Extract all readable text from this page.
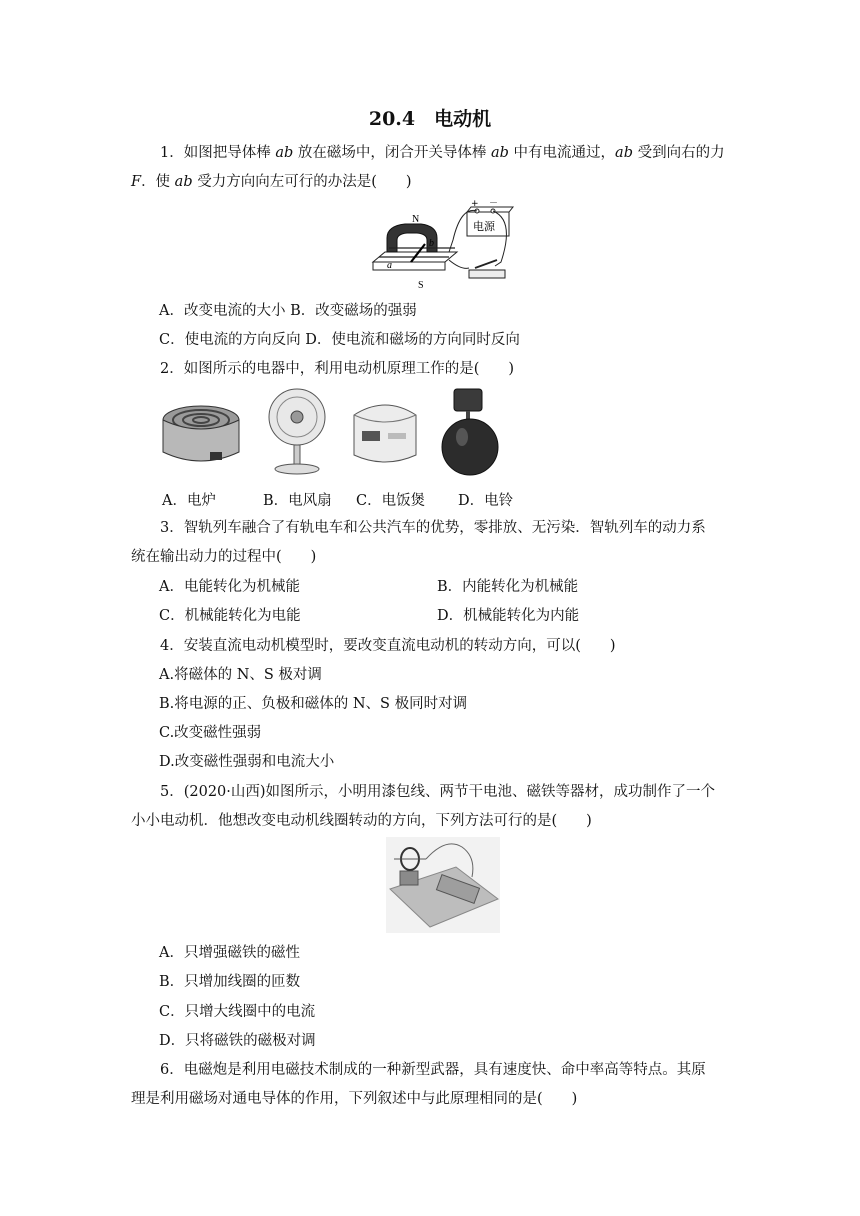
20.4　电动机
1．如图把导体棒 ab 放在磁场中，闭合开关导体棒 ab 中有电流通过，ab 受到向右的力
F．使 ab 受力方向向左可行的办法是(　　)
a
b
N
S
电源
+ －
A．改变电流的大小 B．改变磁场的强弱
C．使电流的方向反向 D．使电流和磁场的方向同时反向
2．如图所示的电器中，利用电动机原理工作的是(　　)
A．电炉	B．电风扇 C．电饭煲 D．电铃
3．智轨列车融合了有轨电车和公共汽车的优势，零排放、无污染．智轨列车的动力系
统在输出动力的过程中(　　)
A．电能转化为机械能	B．内能转化为机械能
C．机械能转化为电能	D．机械能转化为内能
4．安装直流电动机模型时，要改变直流电动机的转动方向，可以(　　)
A.将磁体的 N、S 极对调
B.将电源的正、负极和磁体的 N、S 极同时对调
C.改变磁性强弱
D.改变磁性强弱和电流大小
5．(2020·山西)如图所示，小明用漆包线、两节干电池、磁铁等器材，成功制作了一个
小小电动机．他想改变电动机线圈转动的方向，下列方法可行的是(　　)
A．只增强磁铁的磁性
B．只增加线圈的匝数
C．只增大线圈中的电流
D．只将磁铁的磁极对调
6．电磁炮是利用电磁技术制成的一种新型武器，具有速度快、命中率高等特点。其原
理是利用磁场对通电导体的作用，下列叙述中与此原理相同的是(　　)
